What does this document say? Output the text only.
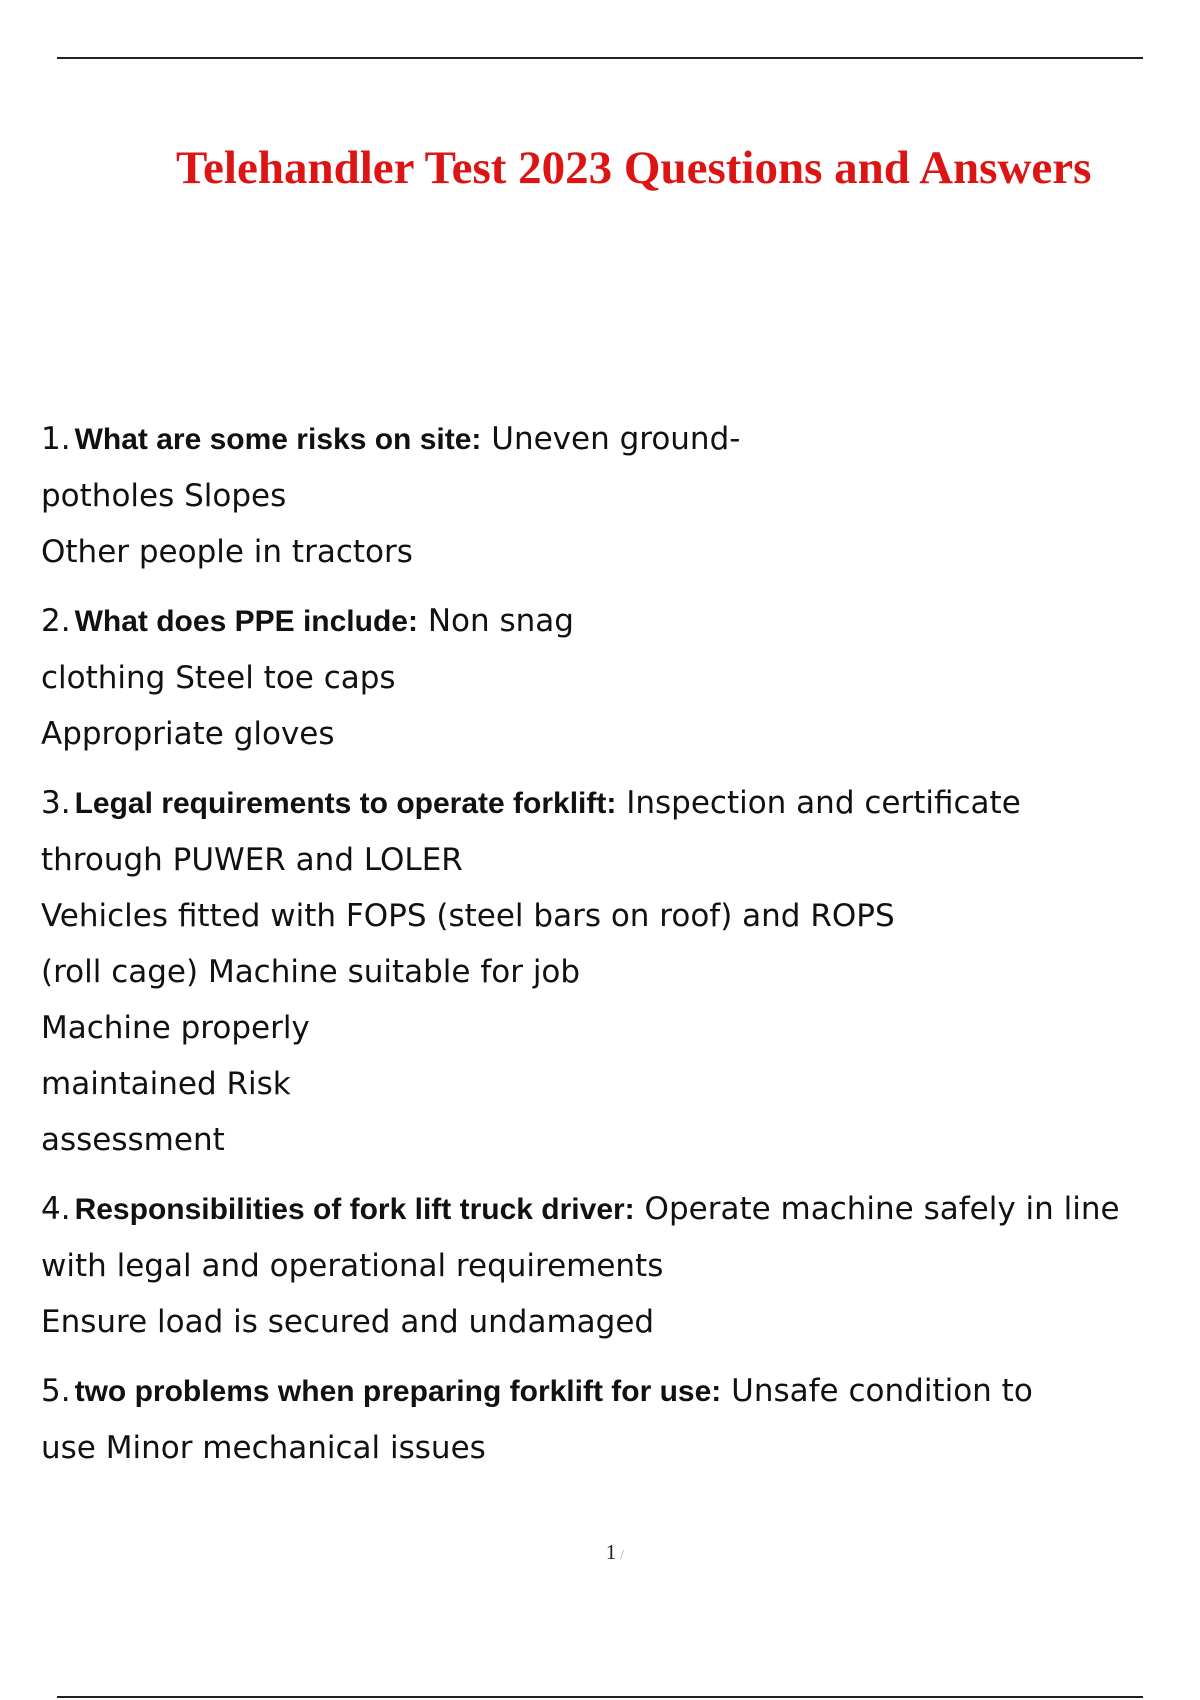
Telehandler Test 2023 Questions and Answers
1. What are some risks on site: Uneven ground-
potholes Slopes
Other people in tractors
2. What does PPE include: Non snag
clothing Steel toe caps
Appropriate gloves
3. Legal requirements to operate forklift: Inspection and certificate
through PUWER and LOLER
Vehicles fitted with FOPS (steel bars on roof) and ROPS
(roll cage) Machine suitable for job
Machine properly
maintained Risk
assessment
4. Responsibilities of fork lift truck driver: Operate machine safely in line
with legal and operational requirements
Ensure load is secured and undamaged
5. two problems when preparing forklift for use: Unsafe condition to
use Minor mechanical issues
1 /
